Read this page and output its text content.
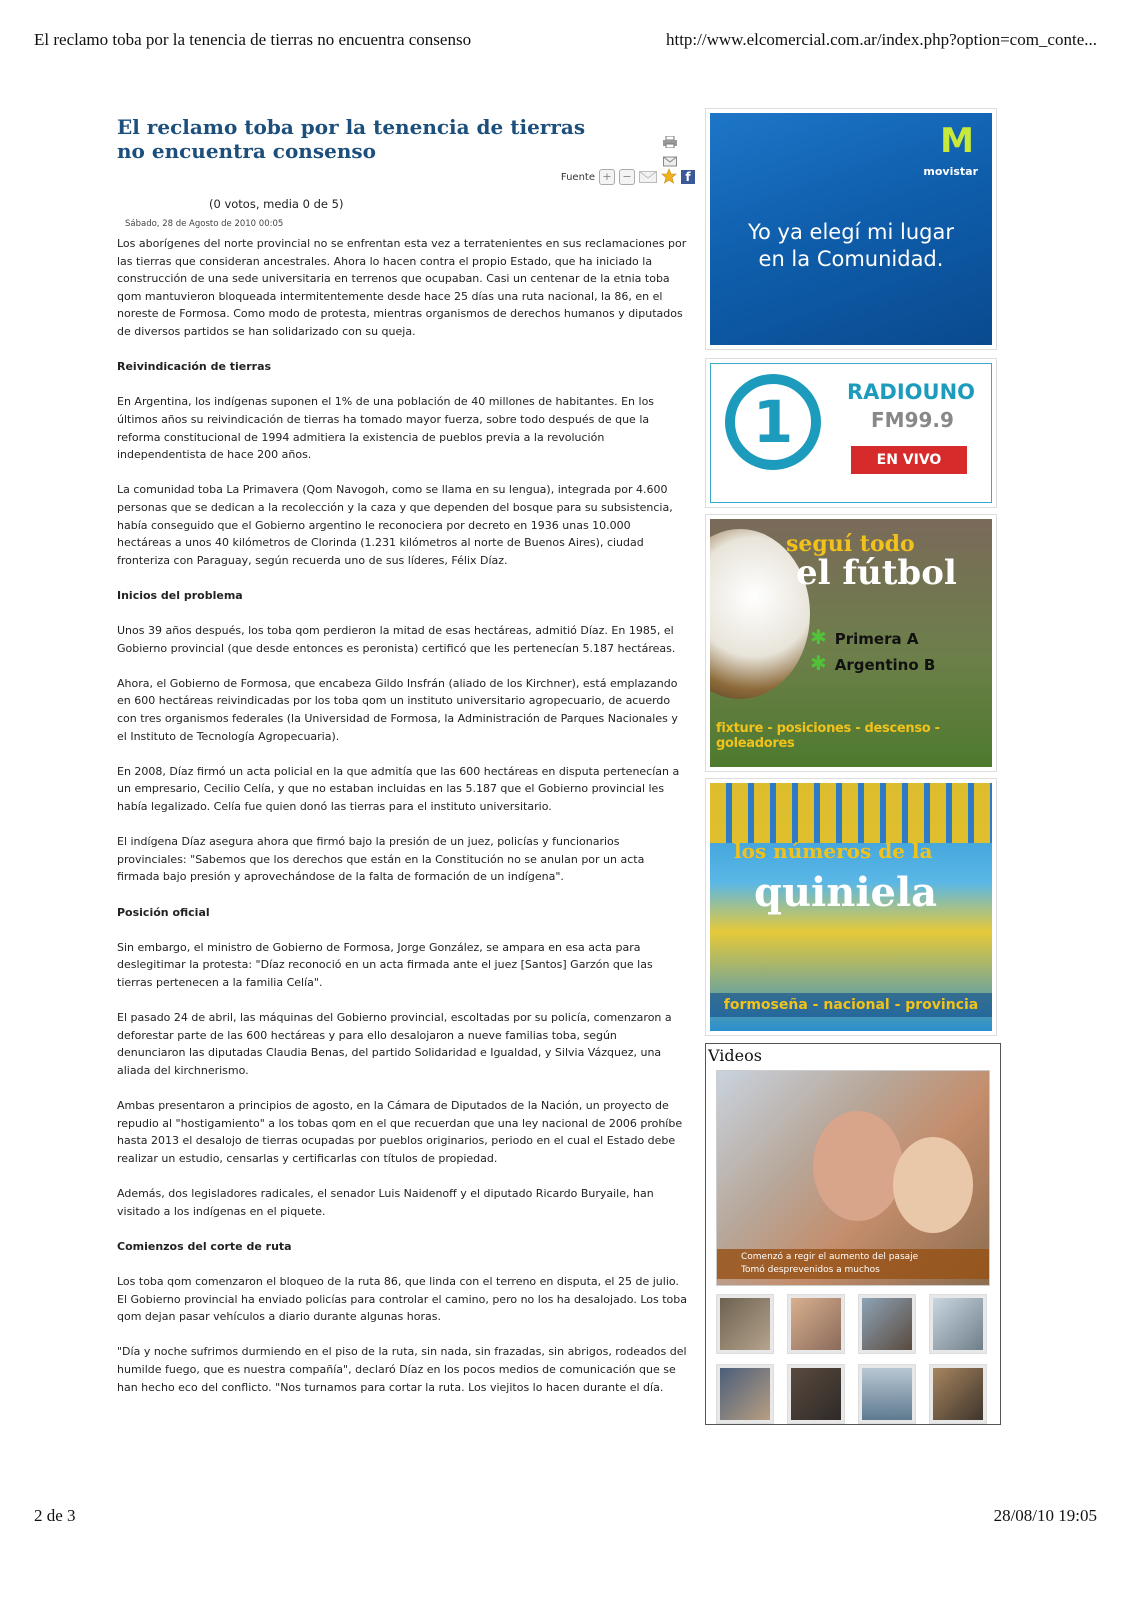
El reclamo toba por la tenencia de tierras no encuentra consenso	http://www.elcomercial.com.ar/index.php?option=com_conte...
El reclamo toba por la tenencia de tierras no encuentra consenso

Fuente + −	f
(0 votos, media 0 de 5)
Sábado, 28 de Agosto de 2010 00:05

Los aborígenes del norte provincial no se enfrentan esta vez a terratenientes en sus reclamaciones por las tierras que consideran ancestrales. Ahora lo hacen contra el propio Estado, que ha iniciado la construcción de una sede universitaria en terrenos que ocupaban. Casi un centenar de la etnia toba qom mantuvieron bloqueada intermitentemente desde hace 25 días una ruta nacional, la 86, en el noreste de Formosa. Como modo de protesta, mientras organismos de derechos humanos y diputados de diversos partidos se han solidarizado con su queja.

Reivindicación de tierras

En Argentina, los indígenas suponen el 1% de una población de 40 millones de habitantes. En los últimos años su reivindicación de tierras ha tomado mayor fuerza, sobre todo después de que la reforma constitucional de 1994 admitiera la existencia de pueblos previa a la revolución independentista de hace 200 años.

La comunidad toba La Primavera (Qom Navogoh, como se llama en su lengua), integrada por 4.600 personas que se dedican a la recolección y la caza y que dependen del bosque para su subsistencia, había conseguido que el Gobierno argentino le reconociera por decreto en 1936 unas 10.000 hectáreas a unos 40 kilómetros de Clorinda (1.231 kilómetros al norte de Buenos Aires), ciudad fronteriza con Paraguay, según recuerda uno de sus líderes, Félix Díaz.

Inicios del problema

Unos 39 años después, los toba qom perdieron la mitad de esas hectáreas, admitió Díaz. En 1985, el Gobierno provincial (que desde entonces es peronista) certificó que les pertenecían 5.187 hectáreas.

Ahora, el Gobierno de Formosa, que encabeza Gildo Insfrán (aliado de los Kirchner), está emplazando en 600 hectáreas reivindicadas por los toba qom un instituto universitario agropecuario, de acuerdo con tres organismos federales (la Universidad de Formosa, la Administración de Parques Nacionales y el Instituto de Tecnología Agropecuaria).

En 2008, Díaz firmó un acta policial en la que admitía que las 600 hectáreas en disputa pertenecían a un empresario, Cecilio Celía, y que no estaban incluidas en las 5.187 que el Gobierno provincial les había legalizado. Celía fue quien donó las tierras para el instituto universitario.

El indígena Díaz asegura ahora que firmó bajo la presión de un juez, policías y funcionarios provinciales: "Sabemos que los derechos que están en la Constitución no se anulan por un acta firmada bajo presión y aprovechándose de la falta de formación de un indígena".

Posición oficial

Sin embargo, el ministro de Gobierno de Formosa, Jorge González, se ampara en esa acta para deslegitimar la protesta: "Díaz reconoció en un acta firmada ante el juez [Santos] Garzón que las tierras pertenecen a la familia Celía".

El pasado 24 de abril, las máquinas del Gobierno provincial, escoltadas por su policía, comenzaron a deforestar parte de las 600 hectáreas y para ello desalojaron a nueve familias toba, según denunciaron las diputadas Claudia Benas, del partido Solidaridad e Igualdad, y Silvia Vázquez, una aliada del kirchnerismo.

Ambas presentaron a principios de agosto, en la Cámara de Diputados de la Nación, un proyecto de repudio al "hostigamiento" a los tobas qom en el que recuerdan que una ley nacional de 2006 prohíbe hasta 2013 el desalojo de tierras ocupadas por pueblos originarios, periodo en el cual el Estado debe realizar un estudio, censarlas y certificarlas con títulos de propiedad.

Además, dos legisladores radicales, el senador Luis Naidenoff y el diputado Ricardo Buryaile, han visitado a los indígenas en el piquete.

Comienzos del corte de ruta

Los toba qom comenzaron el bloqueo de la ruta 86, que linda con el terreno en disputa, el 25 de julio. El Gobierno provincial ha enviado policías para controlar el camino, pero no los ha desalojado. Los toba qom dejan pasar vehículos a diario durante algunas horas.

"Día y noche sufrimos durmiendo en el piso de la ruta, sin nada, sin frazadas, sin abrigos, rodeados del humilde fuego, que es nuestra compañía", declaró Díaz en los pocos medios de comunicación que se han hecho eco del conflicto. "Nos turnamos para cortar la ruta. Los viejitos lo hacen durante el día.

M
movistar
Yo ya elegí mi lugar
en la Comunidad.
1	RADIOUNO
FM99.9
EN VIVO
seguí todo
el fútbol
✱ Primera A
✱ Argentino B
fixture - posiciones - descenso - goleadores
los números de la
quiniela
formoseña - nacional - provincia
Videos
Comenzó a regir el aumento del pasaje
Tomó desprevenidos a muchos
2 de 3	28/08/10 19:05
